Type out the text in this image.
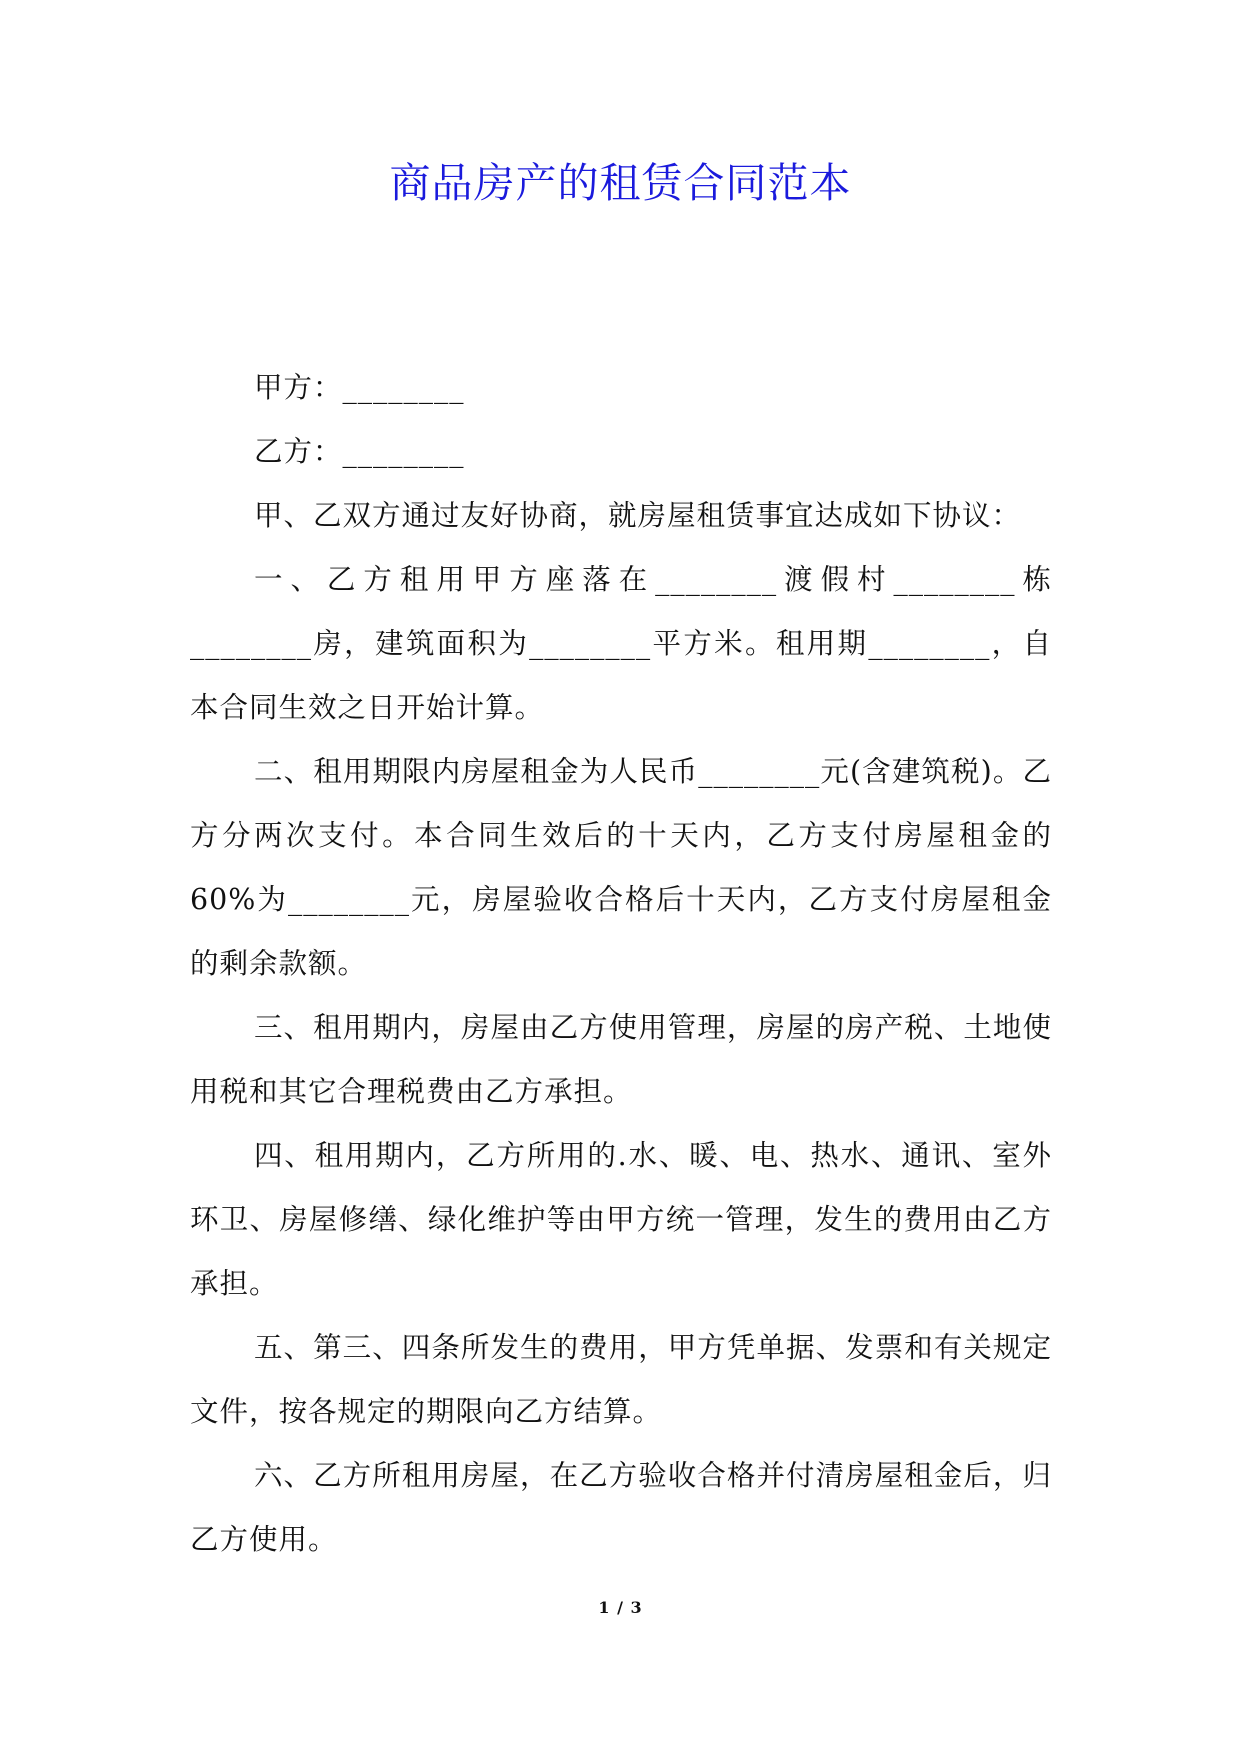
商品房产的租赁合同范本

甲方：________

乙方：________

甲、乙双方通过友好协商，就房屋租赁事宜达成如下协议：

一、乙方租用甲方座落在________渡假村________栋________房，建筑面积为________平方米。租用期________，自本合同生效之日开始计算。

二、租用期限内房屋租金为人民币________元(含建筑税)。乙方分两次支付。本合同生效后的十天内，乙方支付房屋租金的60%为________元，房屋验收合格后十天内，乙方支付房屋租金的剩余款额。

三、租用期内，房屋由乙方使用管理，房屋的房产税、土地使用税和其它合理税费由乙方承担。

四、租用期内，乙方所用的.水、暖、电、热水、通讯、室外环卫、房屋修缮、绿化维护等由甲方统一管理，发生的费用由乙方承担。

五、第三、四条所发生的费用，甲方凭单据、发票和有关规定文件，按各规定的期限向乙方结算。

六、乙方所租用房屋，在乙方验收合格并付清房屋租金后，归乙方使用。

1 / 3
